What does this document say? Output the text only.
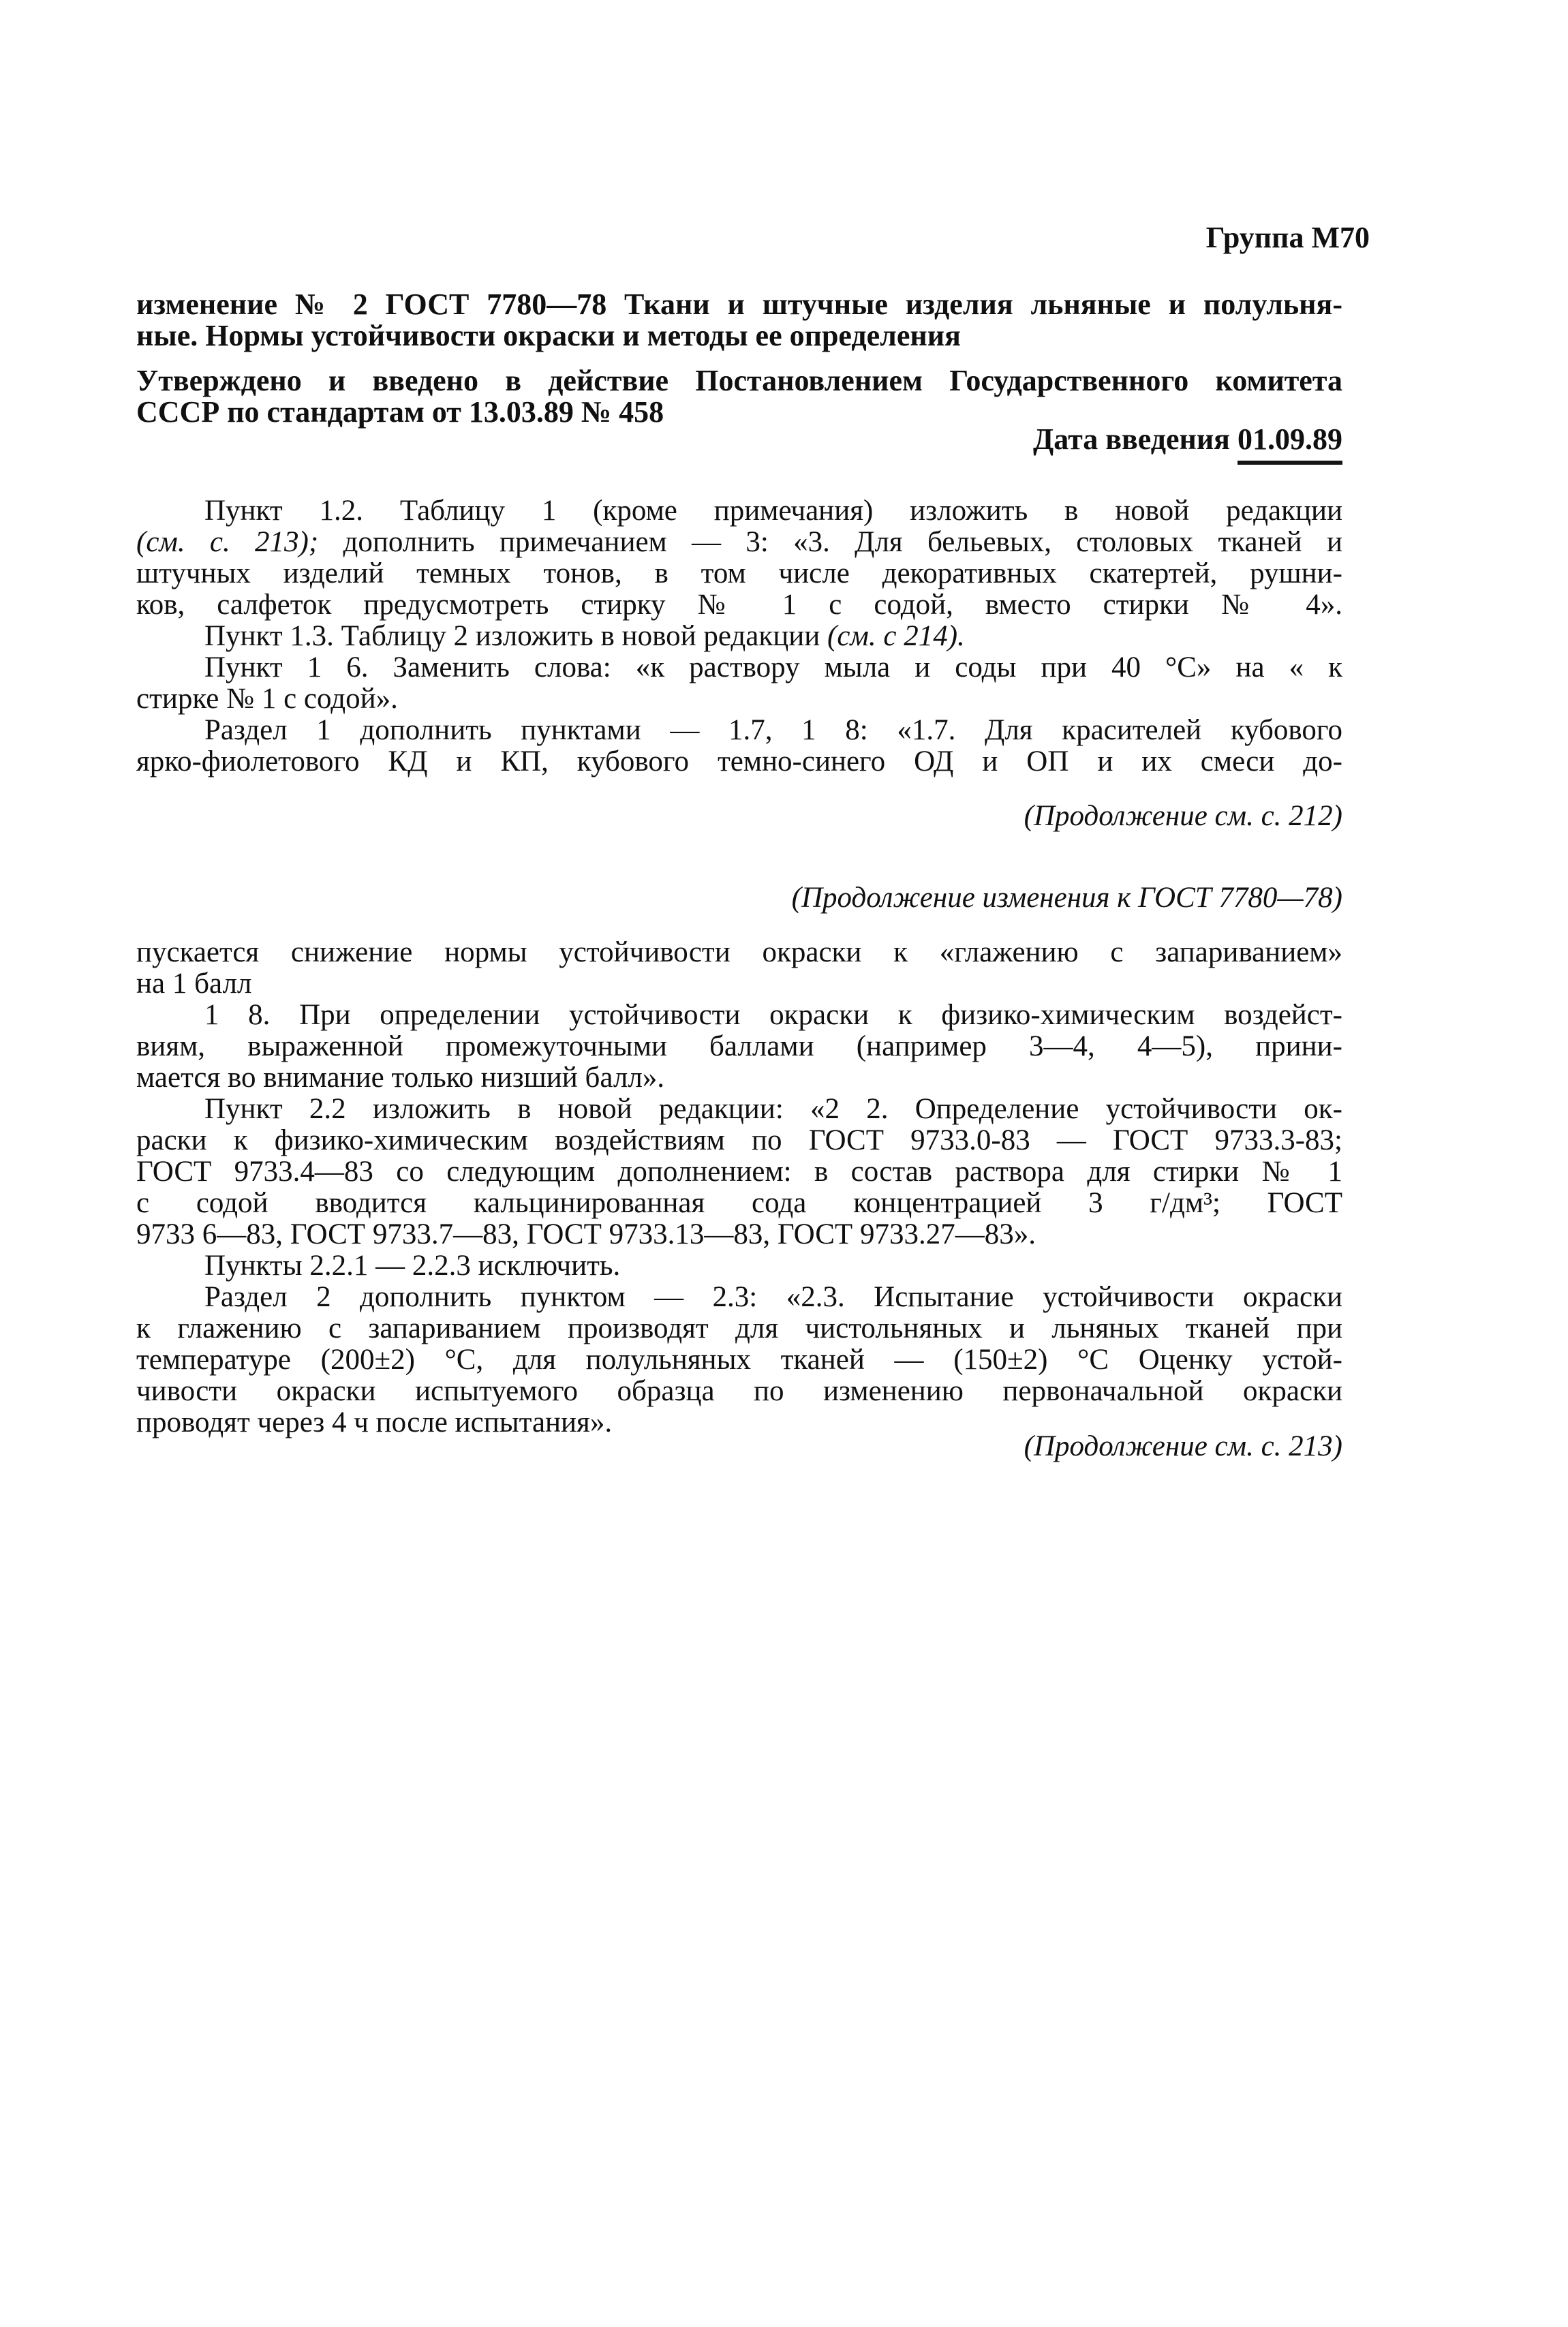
Группа М70
изменение № 2 ГОСТ 7780—78 Ткани и штучные изделия льняные и полульня-
ные. Нормы устойчивости окраски и методы ее определения
Утверждено и введено в действие Постановлением Государственного комитета
СССР по стандартам от 13.03.89 № 458
Дата введения 01.09.89
Пункт 1.2. Таблицу 1 (кроме примечания) изложить в новой редакции
(см. с. 213); дополнить примечанием — 3: «3. Для бельевых, столовых тканей и
штучных изделий темных тонов, в том числе декоративных скатертей, рушни-
ков, салфеток предусмотреть стирку № 1 с содой, вместо стирки № 4».
Пункт 1.3. Таблицу 2 изложить в новой редакции (см. с 214).
Пункт 1 6. Заменить слова: «к раствору мыла и соды при 40 °С» на « к
стирке № 1 с содой».
Раздел 1 дополнить пунктами — 1.7, 1 8: «1.7. Для красителей кубового
ярко-фиолетового КД и КП, кубового темно-синего ОД и ОП и их смеси до-
(Продолжение см. с. 212)
(Продолжение изменения к ГОСТ 7780—78)
пускается снижение нормы устойчивости окраски к «глажению с запариванием»
на 1 балл
1 8. При определении устойчивости окраски к физико-химическим воздейст-
виям, выраженной промежуточными баллами (например 3—4, 4—5), прини-
мается во внимание только низший балл».
Пункт 2.2 изложить в новой редакции: «2 2. Определение устойчивости ок-
раски к физико-химическим воздействиям по ГОСТ 9733.0-83 — ГОСТ 9733.3-83;
ГОСТ 9733.4—83 со следующим дополнением: в состав раствора для стирки № 1
с содой вводится кальцинированная сода концентрацией 3 г/дм³; ГОСТ
9733 6—83, ГОСТ 9733.7—83, ГОСТ 9733.13—83, ГОСТ 9733.27—83».
Пункты 2.2.1 — 2.2.3 исключить.
Раздел 2 дополнить пунктом — 2.3: «2.3. Испытание устойчивости окраски
к глажению с запариванием производят для чистольняных и льняных тканей при
температуре (200±2) °С, для полульняных тканей — (150±2) °С Оценку устой-
чивости окраски испытуемого образца по изменению первоначальной окраски
проводят через 4 ч после испытания».
(Продолжение см. с. 213)
